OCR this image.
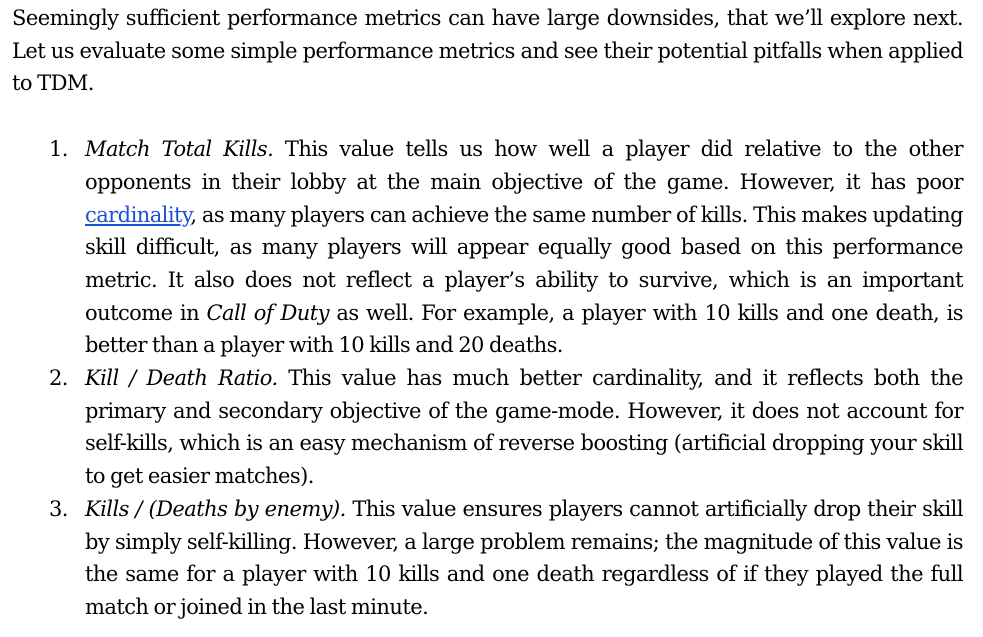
Seemingly sufficient performance metrics can have large downsides, that we’ll explore next. Let us evaluate some simple performance metrics and see their potential pitfalls when applied to TDM.

1. Match Total Kills. This value tells us how well a player did relative to the other opponents in their lobby at the main objective of the game. However, it has poor cardinality, as many players can achieve the same number of kills. This makes updating skill difficult, as many players will appear equally good based on this performance metric. It also does not reflect a player’s ability to survive, which is an important outcome in Call of Duty as well. For example, a player with 10 kills and one death, is better than a player with 10 kills and 20 deaths.
2. Kill / Death Ratio. This value has much better cardinality, and it reflects both the primary and secondary objective of the game-mode. However, it does not account for self-kills, which is an easy mechanism of reverse boosting (artificial dropping your skill to get easier matches).
3. Kills / (Deaths by enemy). This value ensures players cannot artificially drop their skill by simply self-killing. However, a large problem remains; the magnitude of this value is the same for a player with 10 kills and one death regardless of if they played the full match or joined in the last minute.
